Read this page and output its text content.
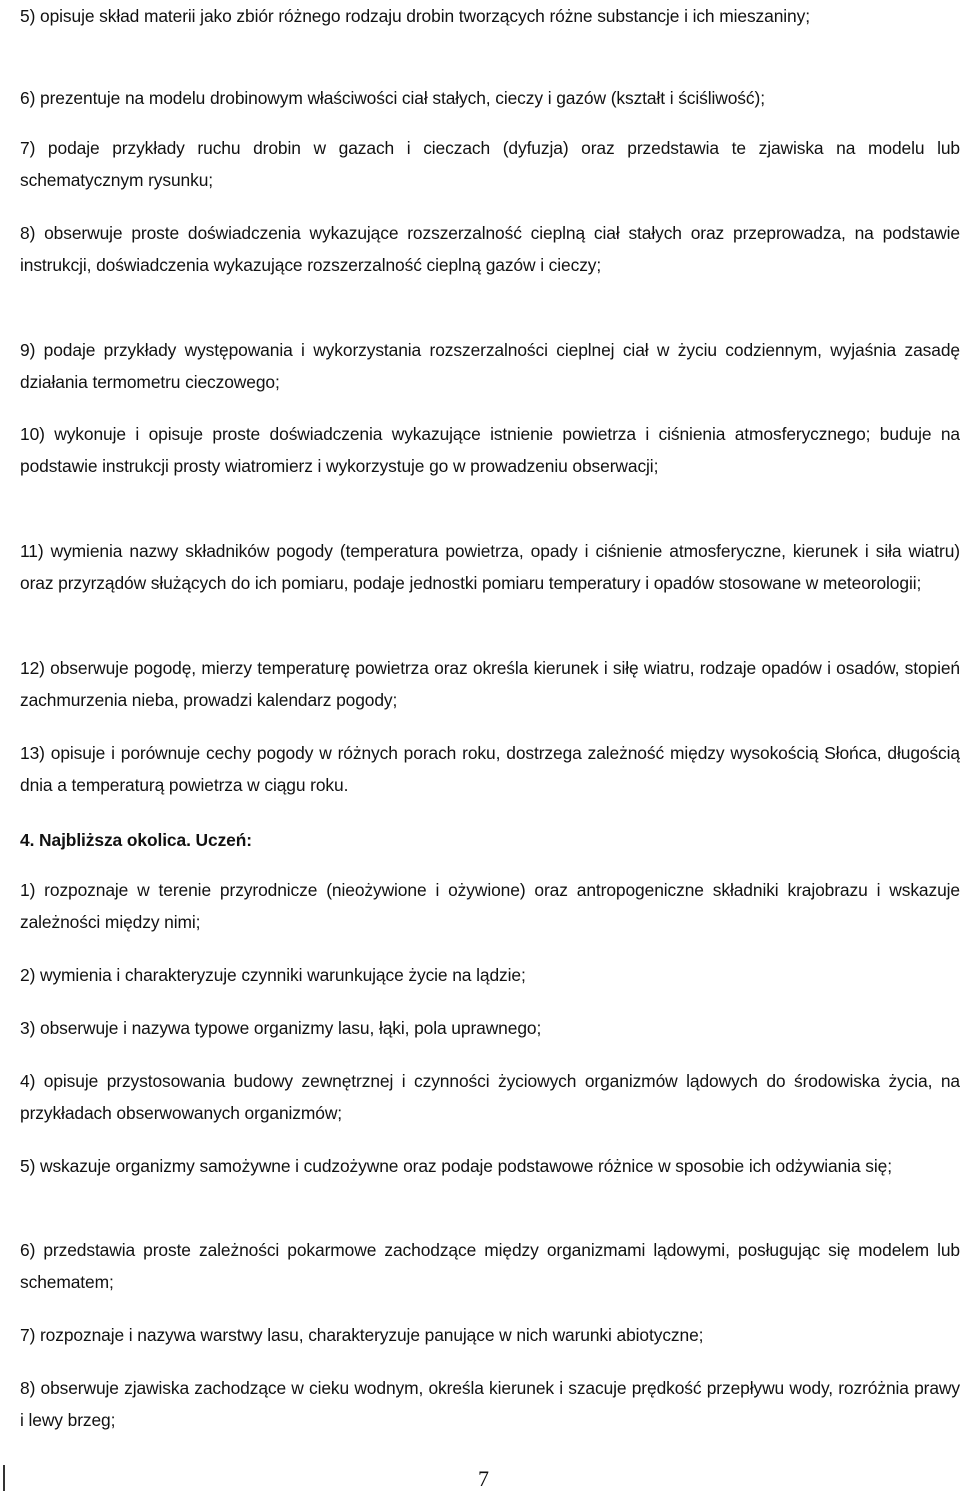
5) opisuje skład materii jako zbiór różnego rodzaju drobin tworzących różne substancje i ich mieszaniny;

6) prezentuje na modelu drobinowym właściwości ciał stałych, cieczy i gazów (kształt i ściśliwość);

7) podaje przykłady ruchu drobin w gazach i cieczach (dyfuzja) oraz przedstawia te zjawiska na modelu lub schematycznym rysunku;

8) obserwuje proste doświadczenia wykazujące rozszerzalność cieplną ciał stałych oraz przeprowadza, na podstawie instrukcji, doświadczenia wykazujące rozszerzalność cieplną gazów i cieczy;

9) podaje przykłady występowania i wykorzystania rozszerzalności cieplnej ciał w życiu codziennym, wyjaśnia zasadę działania termometru cieczowego;

10) wykonuje i opisuje proste doświadczenia wykazujące istnienie powietrza i ciśnienia atmosferycznego; buduje na podstawie instrukcji prosty wiatromierz i wykorzystuje go w prowadzeniu obserwacji;

11) wymienia nazwy składników pogody (temperatura powietrza, opady i ciśnienie atmosferyczne, kierunek i siła wiatru) oraz przyrządów służących do ich pomiaru, podaje jednostki pomiaru temperatury i opadów stosowane w meteorologii;

12) obserwuje pogodę, mierzy temperaturę powietrza oraz określa kierunek i siłę wiatru, rodzaje opadów i osadów, stopień zachmurzenia nieba, prowadzi kalendarz pogody;

13) opisuje i porównuje cechy pogody w różnych porach roku, dostrzega zależność między wysokością Słońca, długością dnia a temperaturą powietrza w ciągu roku.

4. Najbliższa okolica. Uczeń:

1) rozpoznaje w terenie przyrodnicze (nieożywione i ożywione) oraz antropogeniczne składniki krajobrazu i wskazuje zależności między nimi;

2) wymienia i charakteryzuje czynniki warunkujące życie na lądzie;

3) obserwuje i nazywa typowe organizmy lasu, łąki, pola uprawnego;

4) opisuje przystosowania budowy zewnętrznej i czynności życiowych organizmów lądowych do środowiska życia, na przykładach obserwowanych organizmów;

5) wskazuje organizmy samożywne i cudzożywne oraz podaje podstawowe różnice w sposobie ich odżywiania się;

6) przedstawia proste zależności pokarmowe zachodzące między organizmami lądowymi, posługując się modelem lub schematem;

7) rozpoznaje i nazywa warstwy lasu, charakteryzuje panujące w nich warunki abiotyczne;

8) obserwuje zjawiska zachodzące w cieku wodnym, określa kierunek i szacuje prędkość przepływu wody, rozróżnia prawy i lewy brzeg;

7
